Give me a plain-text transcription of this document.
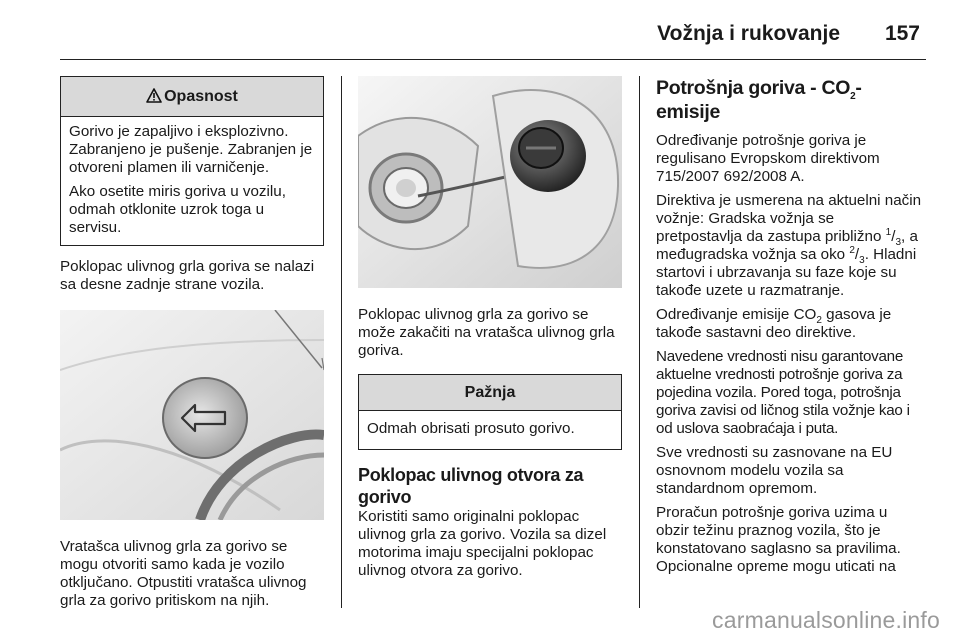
Vožnja i rukovanje 157
Opasnost

Gorivo je zapaljivo i eksplozivno. Zabranjeno je pušenje. Zabranjen je otvoreni plamen ili varničenje.

Ako osetite miris goriva u vozilu, odmah otklonite uzrok toga u servisu.

Poklopac ulivnog grla goriva se nalazi sa desne zadnje strane vozila.

Vratašca ulivnog grla za gorivo se mogu otvoriti samo kada je vozilo otključano. Otpustiti vratašca ulivnog grla za gorivo pritiskom na njih.

Poklopac ulivnog grla za gorivo se može zakačiti na vratašca ulivnog grla goriva.

Pažnja

Odmah obrisati prosuto gorivo.

Poklopac ulivnog otvora za gorivo

Koristiti samo originalni poklopac ulivnog grla za gorivo. Vozila sa dizel motorima imaju specijalni poklopac ulivnog otvora za gorivo.

Potrošnja goriva - $CO_2$-emisije

Određivanje potrošnje goriva je regulisano Evropskom direktivom 715/2007 692/2008 A.

Direktiva je usmerena na aktuelni način vožnje: Gradska vožnja se pretpostavlja da zastupa približno $^1/_3$, a međugradska vožnja sa oko $^2/_3$. Hladni startovi i ubrzavanja su faze koje su takođe uzete u razmatranje.

Određivanje emisije $CO_2$ gasova je takođe sastavni deo direktive.

Navedene vrednosti nisu garantovane aktuelne vrednosti potrošnje goriva za pojedina vozila. Pored toga, potrošnja goriva zavisi od ličnog stila vožnje kao i od uslova saobraćaja i puta.

Sve vrednosti su zasnovane na EU osnovnom modelu vozila sa standardnom opremom.

Proračun potrošnje goriva uzima u obzir težinu praznog vozila, što je konstatovano saglasno sa pravilima. Opcionalne opreme mogu uticati na

carmanualsonline.info
